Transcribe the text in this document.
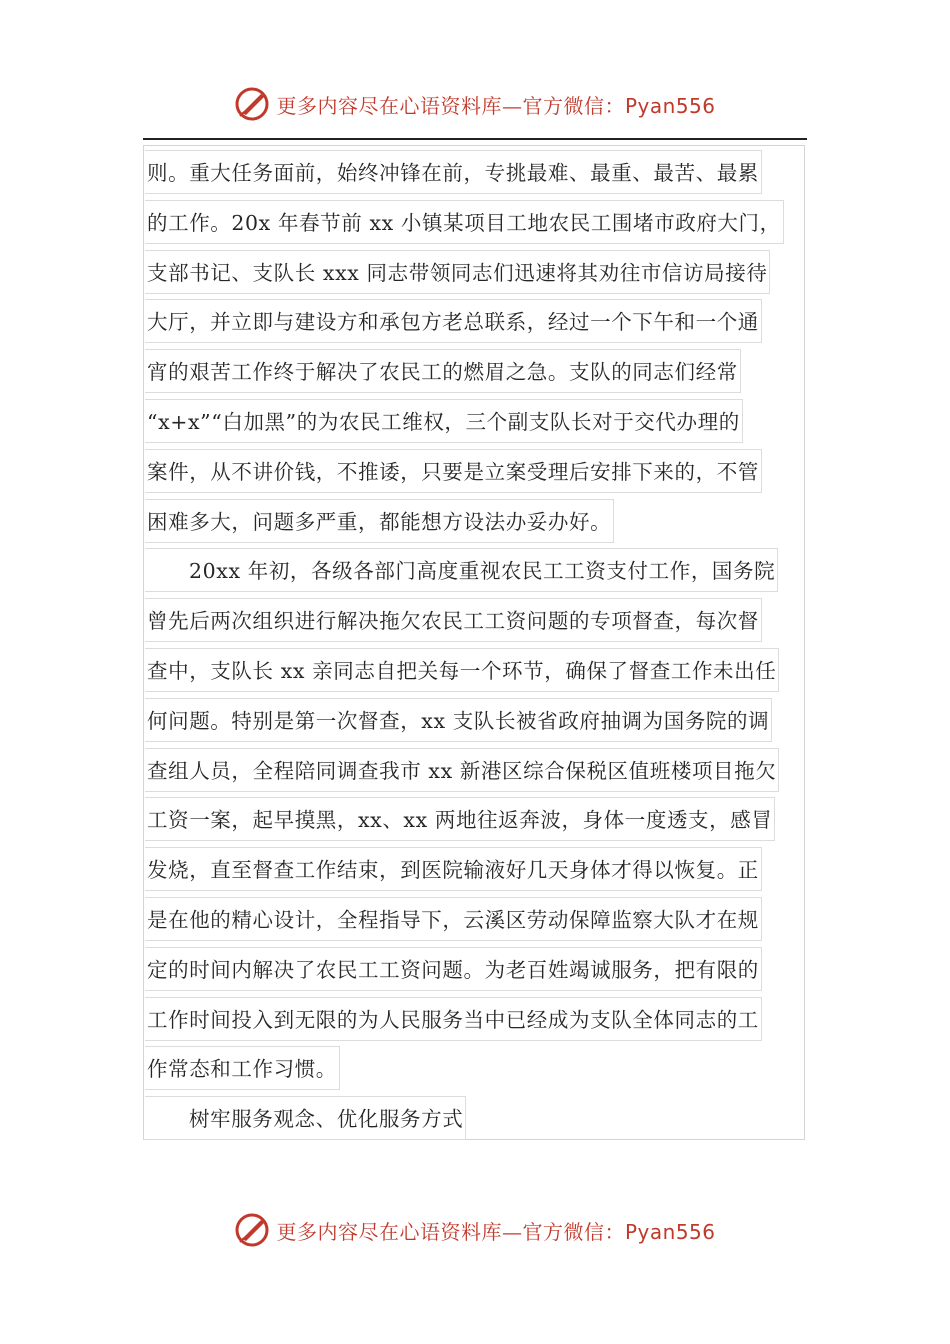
更多内容尽在心语资料库—官方微信：Pyan556
则。重大任务面前，始终冲锋在前，专挑最难、最重、最苦、最累
的工作。20x 年春节前 xx 小镇某项目工地农民工围堵市政府大门，
支部书记、支队长 xxx 同志带领同志们迅速将其劝往市信访局接待
大厅，并立即与建设方和承包方老总联系，经过一个下午和一个通
宵的艰苦工作终于解决了农民工的燃眉之急。支队的同志们经常
“x+x”“白加黑”的为农民工维权，三个副支队长对于交代办理的
案件，从不讲价钱，不推诿，只要是立案受理后安排下来的，不管
困难多大，问题多严重，都能想方设法办妥办好。
20xx 年初，各级各部门高度重视农民工工资支付工作，国务院
曾先后两次组织进行解决拖欠农民工工资问题的专项督查，每次督
查中，支队长 xx 亲同志自把关每一个环节，确保了督查工作未出任
何问题。特别是第一次督查，xx 支队长被省政府抽调为国务院的调
查组人员，全程陪同调查我市 xx 新港区综合保税区值班楼项目拖欠
工资一案，起早摸黑，xx、xx 两地往返奔波，身体一度透支，感冒
发烧，直至督查工作结束，到医院输液好几天身体才得以恢复。正
是在他的精心设计，全程指导下，云溪区劳动保障监察大队才在规
定的时间内解决了农民工工资问题。为老百姓竭诚服务，把有限的
工作时间投入到无限的为人民服务当中已经成为支队全体同志的工
作常态和工作习惯。
树牢服务观念、优化服务方式
更多内容尽在心语资料库—官方微信：Pyan556
